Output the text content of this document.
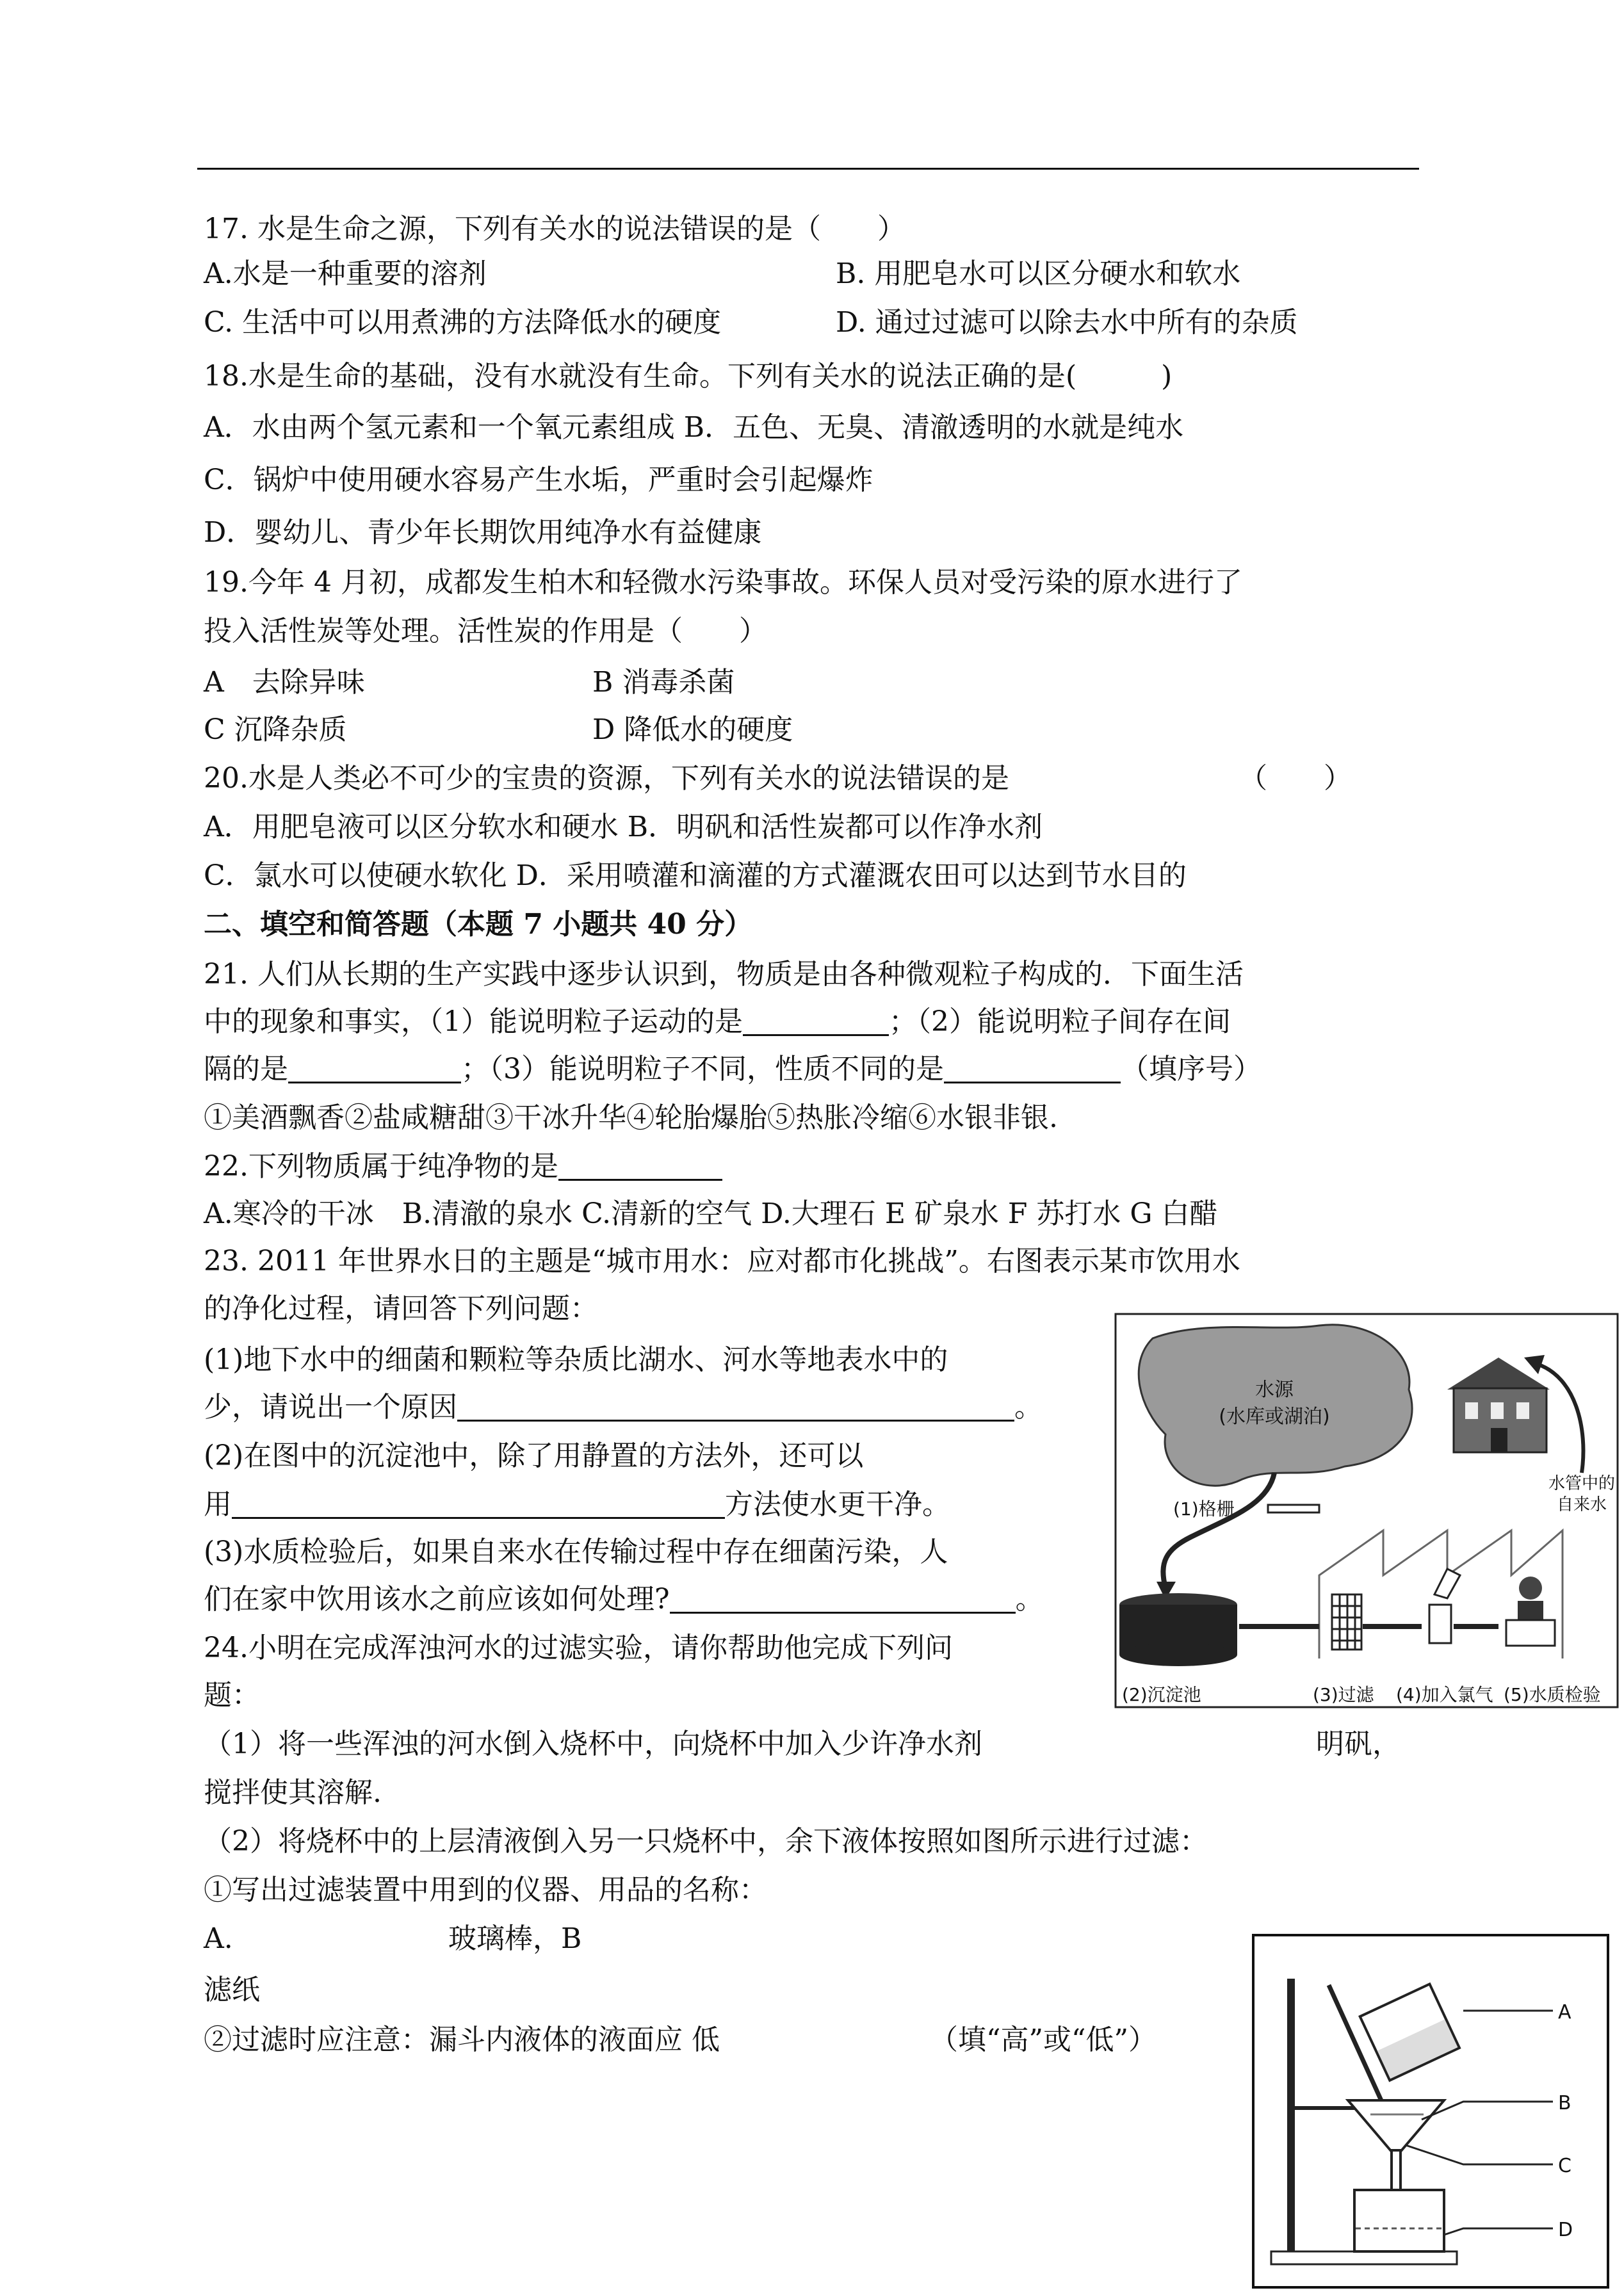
17. 水是生命之源，下列有关水的说法错误的是（　　）
A.水是一种重要的溶剂	B. 用肥皂水可以区分硬水和软水
C. 生活中可以用煮沸的方法降低水的硬度	D. 通过过滤可以除去水中所有的杂质
18.水是生命的基础，没有水就没有生命。下列有关水的说法正确的是(　　　)
A．水由两个氢元素和一个氧元素组成 B．五色、无臭、清澈透明的水就是纯水
C．锅炉中使用硬水容易产生水垢，严重时会引起爆炸
D．婴幼儿、青少年长期饮用纯净水有益健康
19.今年 4 月初，成都发生柏木和轻微水污染事故。环保人员对受污染的原水进行了
投入活性炭等处理。活性炭的作用是（　　）
A　去除异味	B 消毒杀菌
C 沉降杂质	D 降低水的硬度
20.水是人类必不可少的宝贵的资源，下列有关水的说法错误的是	（　　）
A．用肥皂液可以区分软水和硬水 B．明矾和活性炭都可以作净水剂
C．氯水可以使硬水软化 D．采用喷灌和滴灌的方式灌溉农田可以达到节水目的
二、填空和简答题（本题 7 小题共 40 分）
21. 人们从长期的生产实践中逐步认识到，物质是由各种微观粒子构成的．下面生活
中的现象和事实，（1）能说明粒子运动的是	；（2）能说明粒子间存在间
隔的是	；（3）能说明粒子不同，性质不同的是	（填序号）
①美酒飘香②盐咸糖甜③干冰升华④轮胎爆胎⑤热胀冷缩⑥水银非银.
22.下列物质属于纯净物的是
A.寒冷的干冰　B.清澈的泉水 C.清新的空气 D.大理石 E 矿泉水 F 苏打水 G 白醋
23. 2011 年世界水日的主题是“城市用水：应对都市化挑战”。右图表示某市饮用水
的净化过程，请回答下列问题：
(1)地下水中的细菌和颗粒等杂质比湖水、河水等地表水中的
少，请说出一个原因	。
(2)在图中的沉淀池中，除了用静置的方法外，还可以
用	方法使水更干净。
(3)水质检验后，如果自来水在传输过程中存在细菌污染，人
们在家中饮用该水之前应该如何处理?	。
24.小明在完成浑浊河水的过滤实验，请你帮助他完成下列问
题：
（1）将一些浑浊的河水倒入烧杯中，向烧杯中加入少许净水剂	明矾，
搅拌使其溶解.
（2）将烧杯中的上层清液倒入另一只烧杯中，余下液体按照如图所示进行过滤：
①写出过滤装置中用到的仪器、用品的名称：
A.	玻璃棒，B
滤纸
②过滤时应注意：漏斗内液体的液面应 低	（填“高”或“低”）
水源
(水库或湖泊)
(1)格栅
水管中的
自来水
(2)沉淀池	(3)过滤 (4)加入氯气 (5)水质检验
A
B
C
D
